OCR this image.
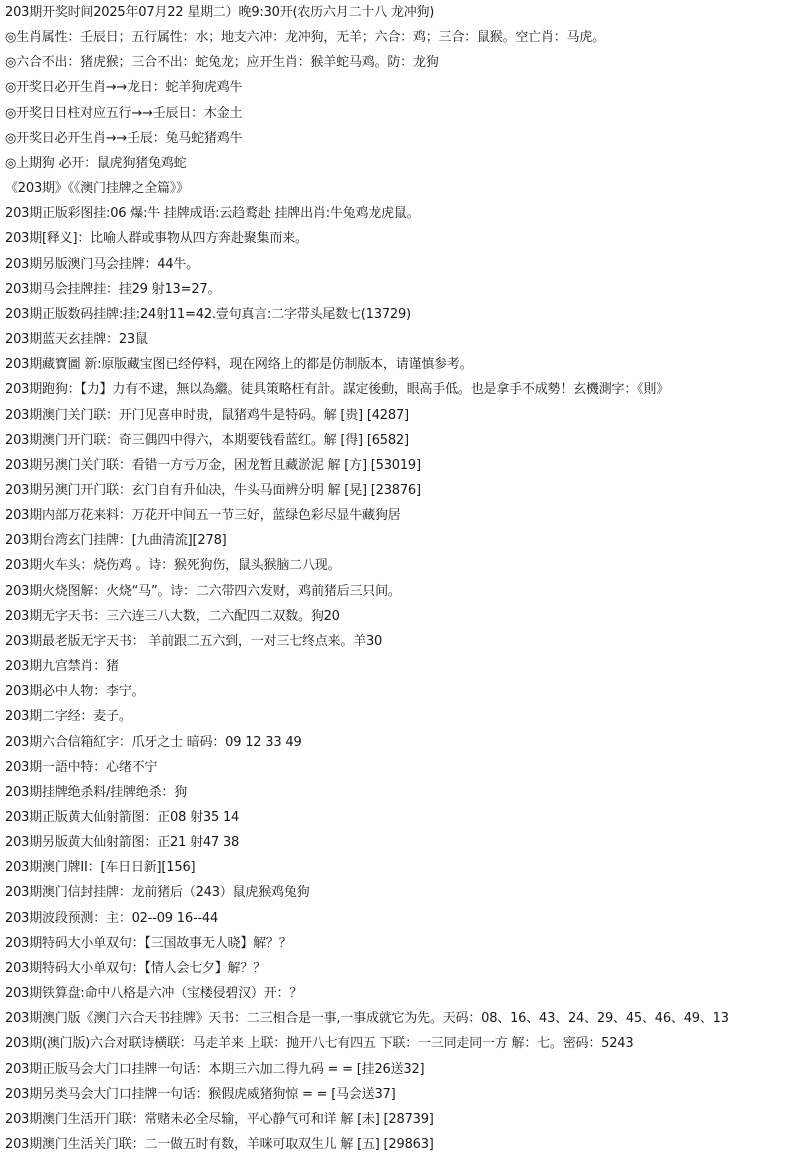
203期开奖时间2025年07月22 星期二）晚9:30开(农历六月二十八 龙冲狗)
◎生肖属性：壬辰日；五行属性：水；地支六冲：龙冲狗，无羊；六合：鸡；三合：鼠猴。空亡肖：马虎。
◎六合不出：猪虎猴；三合不出：蛇兔龙；应开生肖：猴羊蛇马鸡。防：龙狗
◎开奖日必开生肖→→龙日：蛇羊狗虎鸡牛
◎开奖日日柱对应五行→→壬辰日：木金土
◎开奖日必开生肖→→壬辰：兔马蛇猪鸡牛
◎上期狗 必开：鼠虎狗猪兔鸡蛇
《203期》《《澳门挂牌之全篇》》
203期正版彩图挂:06 爆:牛 挂牌成语:云趋鹜赴 挂牌出肖:牛兔鸡龙虎鼠。
203期[释义]：比喻人群或事物从四方奔赴聚集而来。
203期另版澳门马会挂牌：44牛。
203期马会挂牌挂：挂29 射13=27。
203期正版数码挂牌:挂:24射11=42.壹句真言:二字带头尾数七(13729)
203期蓝天玄挂牌：23鼠
203期藏寶圖 新:原版藏宝图已经停料，现在网络上的都是仿制版本，请谨慎参考。
203期跑狗：【力】力有不逮，無以為繼。徒具策略枉有計。謀定後動，眼高手低。也是拿手不成勢！玄機測字：《則》
203期澳门关门联：开门见喜申时贵，鼠猪鸡牛是特码。解 [贵] [4287]
203期澳门开门联：奇三偶四中得六，本期要钱看蓝红。解 [得] [6582]
203期另澳门关门联：看错一方亏万金，困龙暂且藏淤泥 解 [方] [53019]
203期另澳门开门联：玄门自有升仙决，牛头马面辨分明 解 [晃] [23876]
203期内部万花来料：万花开中间五一节三好，蓝绿色彩尽显牛藏狗居
203期台湾玄门挂牌：[九曲清流][278]
203期火车头：烧伤鸡 。诗：猴死狗伤，鼠头猴脑二八现。
203期火烧图解：火烧“马”。诗：二六带四六发财，鸡前猪后三只间。
203期无字天书：三六连三八大数，二六配四二双数。狗20
203期最老版无字天书： 羊前跟二五六到，一对三七终点来。羊30
203期九宫禁肖：猪
203期必中人物：李宁。
203期二字经：麦子。
203期六合信箱紅字：爪牙之士 暗码：09 12 33 49
203期一語中特：心绪不宁
203期挂牌绝杀料/挂牌绝杀：狗
203期正版黄大仙射箭图：正08 射35 14
203期另版黄大仙射箭图：正21 射47 38
203期澳门牌II：[车日日新][156]
203期澳门信封挂牌：龙前猪后（243）鼠虎猴鸡兔狗
203期波段预测：主：02--09 16--44
203期特码大小单双句：【三国故事无人晓】解？？
203期特码大小单双句：【情人会七夕】解？？
203期铁算盘:命中八格是六冲（宝楼侵碧汉）开：？
203期澳门版《澳门六合天书挂牌》天书：二三相合是一事,一事成就它为先。天码：08、16、43、24、29、45、46、49、13
203期(澳门版)六合对联诗横联：马走羊来 上联：抛开八七有四五 下联：一三同走同一方 解：七。密码：5243
203期正版马会大门口挂牌一句话：本期三六加二得九码 = = [挂26送32]
203期另类马会大门口挂牌一句话：猴假虎威猪狗惊 = = [马会送37]
203期澳门生活开门联：常赌未必全尽输，平心静气可和详 解 [未] [28739]
203期澳门生活关门联：二一做五时有数，羊咪可取双生儿 解 [五] [29863]
